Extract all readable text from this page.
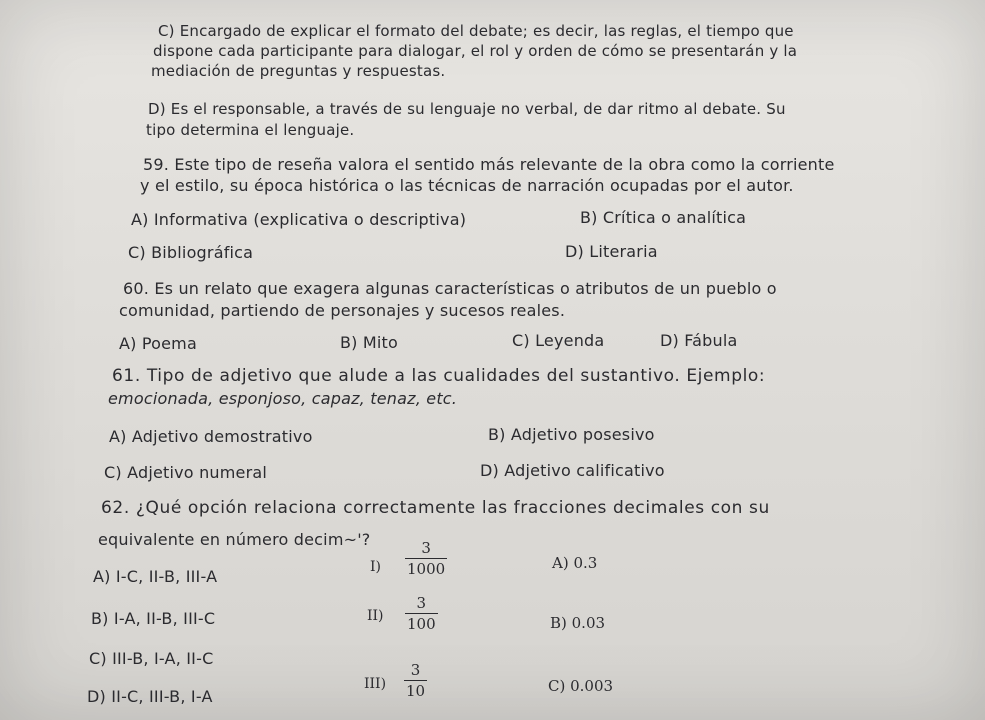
C) Encargado de explicar el formato del debate; es decir, las reglas, el tiempo que
dispone cada participante para dialogar, el rol y orden de cómo se presentarán y la
mediación de preguntas y respuestas.
D) Es el responsable, a través de su lenguaje no verbal, de dar ritmo al debate. Su
tipo determina el lenguaje.
59. Este tipo de reseña valora el sentido más relevante de la obra como la corriente
y el estilo, su época histórica o las técnicas de narración ocupadas por el autor.
A) Informativa (explicativa o descriptiva)	B) Crítica o analítica
C) Bibliográfica	D) Literaria
60. Es un relato que exagera algunas características o atributos de un pueblo o
comunidad, partiendo de personajes y sucesos reales.
A) Poema	B) Mito	C) Leyenda	D) Fábula
61. Tipo de adjetivo que alude a las cualidades del sustantivo. Ejemplo:
emocionada, esponjoso, capaz, tenaz, etc.
A) Adjetivo demostrativo	B) Adjetivo posesivo
C) Adjetivo numeral	D) Adjetivo calificativo
62. ¿Qué opción relaciona correctamente las fracciones decimales con su
equivalente en número decim~'?
A) I-C, II-B, III-A
B) I-A, II-B, III-C
C) III-B, I-A, II-C
D) II-C, III-B, I-A
I)
3
1000
II)
3
100
III)
3
10
A) 0.3
B) 0.03
C) 0.003
